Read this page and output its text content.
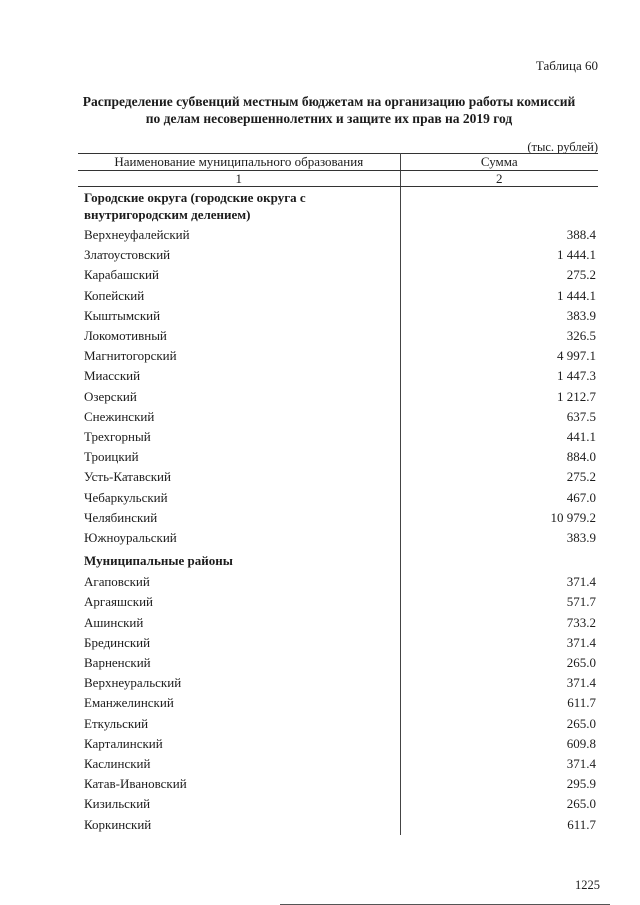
Таблица 60
Распределение субвенций местным бюджетам на организацию работы комиссий
по делам несовершеннолетних и защите их прав на 2019 год
(тыс. рублей)
Наименование муниципального образования	Сумма
1	2
Городские округа (городские округа с внутригородским делением)	
Верхнеуфалейский	388.4
Златоустовский	1 444.1
Карабашский	275.2
Копейский	1 444.1
Кыштымский	383.9
Локомотивный	326.5
Магнитогорский	4 997.1
Миасский	1 447.3
Озерский	1 212.7
Снежинский	637.5
Трехгорный	441.1
Троицкий	884.0
Усть-Катавский	275.2
Чебаркульский	467.0
Челябинский	10 979.2
Южноуральский	383.9
Муниципальные районы	
Агаповский	371.4
Аргаяшский	571.7
Ашинский	733.2
Брединский	371.4
Варненский	265.0
Верхнеуральский	371.4
Еманжелинский	611.7
Еткульский	265.0
Карталинский	609.8
Каслинский	371.4
Катав-Ивановский	295.9
Кизильский	265.0
Коркинский	611.7
1225
